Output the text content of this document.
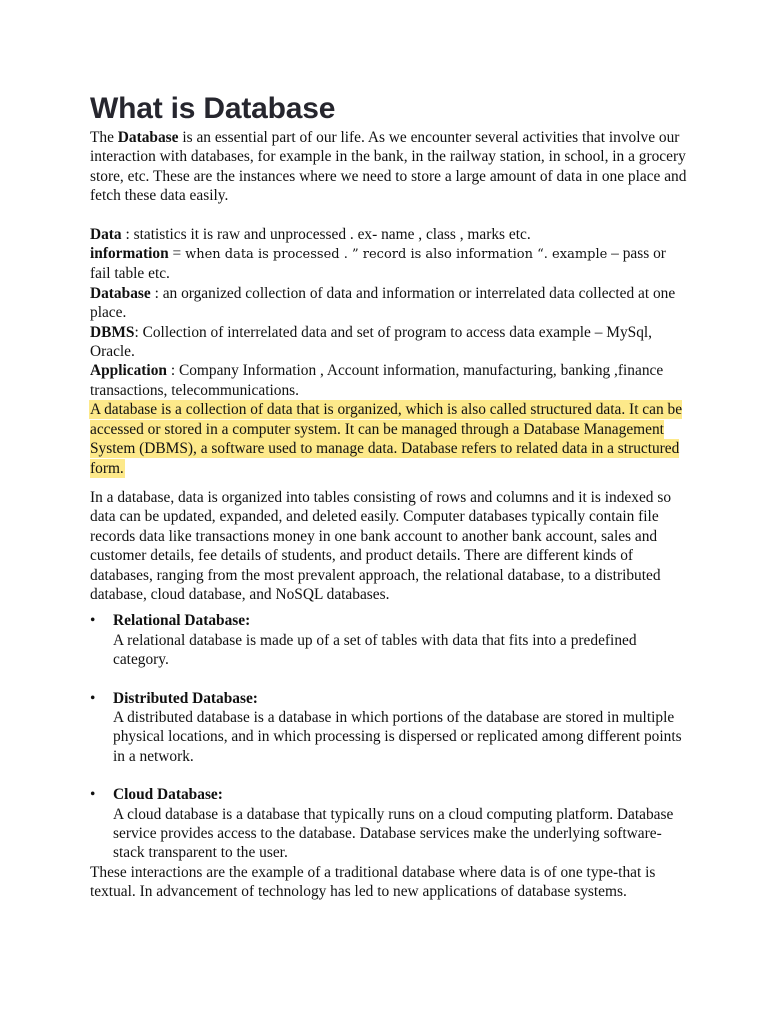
What is Database

The Database is an essential part of our life. As we encounter several activities that involve our interaction with databases, for example in the bank, in the railway station, in school, in a grocery store, etc. These are the instances where we need to store a large amount of data in one place and fetch these data easily.

Data : statistics it is raw and unprocessed . ex- name , class , marks etc.

information = when data is processed . ” record is also information “. example – pass or fail table etc.

Database : an organized collection of data and information or interrelated data collected at one place.

DBMS: Collection of interrelated data and set of program to access data example – MySql, Oracle.

Application : Company Information , Account information, manufacturing, banking ,finance transactions, telecommunications.

A database is a collection of data that is organized, which is also called structured data. It can be accessed or stored in a computer system. It can be managed through a Database Management System (DBMS), a software used to manage data. Database refers to related data in a structured form.

In a database, data is organized into tables consisting of rows and columns and it is indexed so data can be updated, expanded, and deleted easily. Computer databases typically contain file records data like transactions money in one bank account to another bank account, sales and customer details, fee details of students, and product details. There are different kinds of databases, ranging from the most prevalent approach, the relational database, to a distributed database, cloud database, and NoSQL databases.

• Relational Database:
A relational database is made up of a set of tables with data that fits into a predefined category.
• Distributed Database:
A distributed database is a database in which portions of the database are stored in multiple physical locations, and in which processing is dispersed or replicated among different points in a network.
• Cloud Database:
A cloud database is a database that typically runs on a cloud computing platform. Database service provides access to the database. Database services make the underlying software-stack transparent to the user.

These interactions are the example of a traditional database where data is of one type-that is textual. In advancement of technology has led to new applications of database systems.
